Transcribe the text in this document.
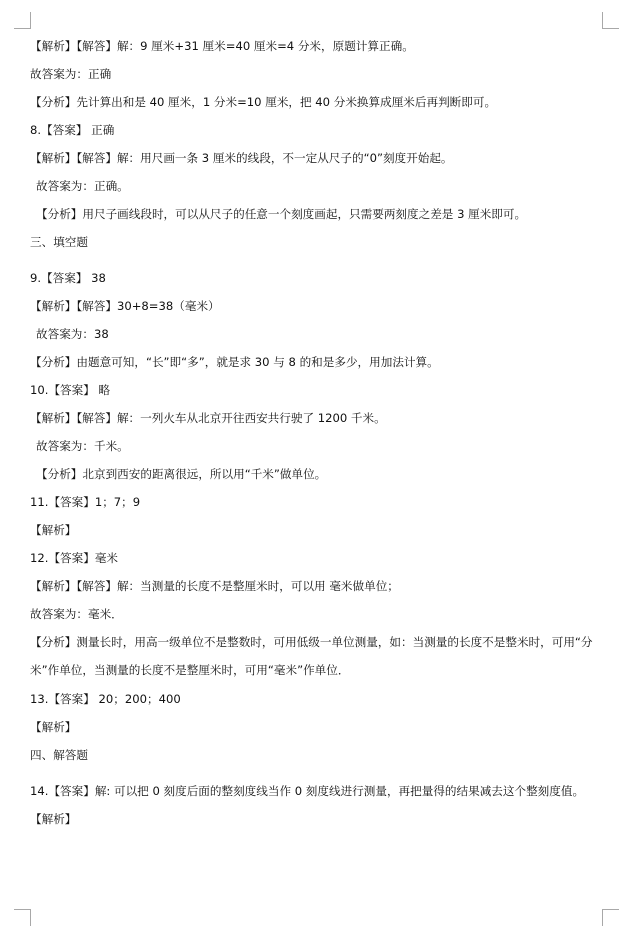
【解析】【解答】解：9 厘米+31 厘米=40 厘米=4 分米，原题计算正确。
故答案为：正确
【分析】先计算出和是 40 厘米，1 分米=10 厘米，把 40 分米换算成厘米后再判断即可。
8.【答案】 正确
【解析】【解答】解：用尺画一条 3 厘米的线段，不一定从尺子的“0”刻度开始起。
故答案为：正确。
【分析】用尺子画线段时，可以从尺子的任意一个刻度画起，只需要两刻度之差是 3 厘米即可。
三、填空题
9.【答案】 38
【解析】【解答】30+8=38（毫米）
故答案为：38
【分析】由题意可知，“长”即“多”，就是求 30 与 8 的和是多少，用加法计算。
10.【答案】 略
【解析】【解答】解：一列火车从北京开往西安共行驶了 1200 千米。
故答案为：千米。
【分析】北京到西安的距离很远，所以用“千米”做单位。
11.【答案】1；7；9
【解析】
12.【答案】毫米
【解析】【解答】解：当测量的长度不是整厘米时，可以用 毫米做单位；
故答案为：毫米．
【分析】测量长时，用高一级单位不是整数时，可用低级一单位测量，如：当测量的长度不是整米时，可用“分米”作单位，当测量的长度不是整厘米时，可用“毫米”作单位．
13.【答案】 20；200；400
【解析】
四、解答题
14.【答案】解: 可以把 0 刻度后面的整刻度线当作 0 刻度线进行测量，再把量得的结果减去这个整刻度值。
【解析】
